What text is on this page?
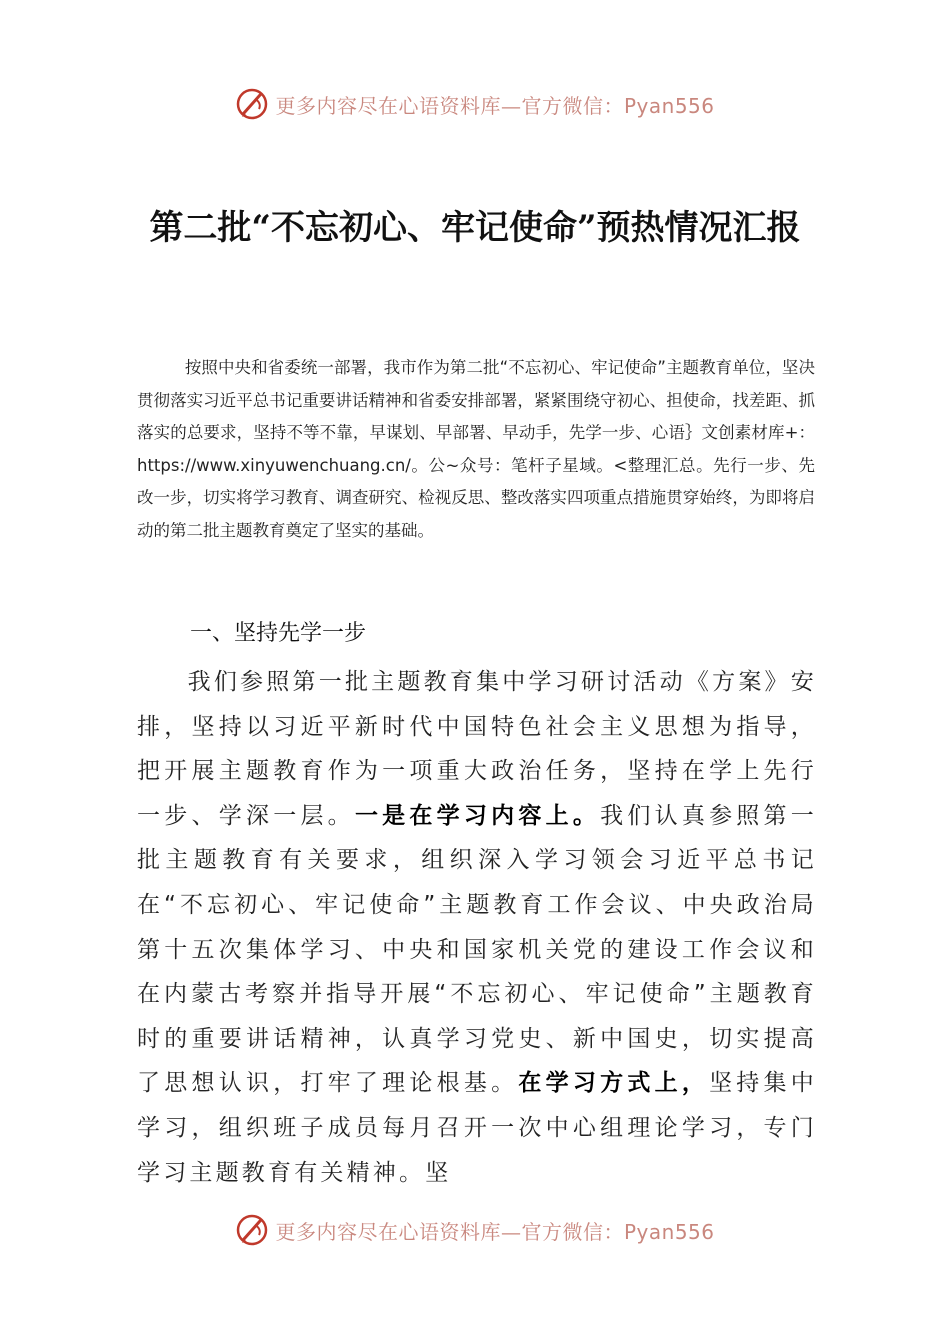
更多内容尽在心语资料库—官方微信：Pyan556
第二批“不忘初心、牢记使命”预热情况汇报
按照中央和省委统一部署，我市作为第二批“不忘初心、牢记使命”主题教育单位，坚决贯彻落实习近平总书记重要讲话精神和省委安排部署，紧紧围绕守初心、担使命，找差距、抓落实的总要求，坚持不等不靠，早谋划、早部署、早动手，先学一步、心语｝文创素材库+：https://www.xinyuwenchuang.cn/。公~众号：笔杆子星域。<整理汇总。先行一步、先改一步，切实将学习教育、调查研究、检视反思、整改落实四项重点措施贯穿始终，为即将启动的第二批主题教育奠定了坚实的基础。
一、坚持先学一步
我们参照第一批主题教育集中学习研讨活动《方案》安排，坚持以习近平新时代中国特色社会主义思想为指导，把开展主题教育作为一项重大政治任务，坚持在学上先行一步、学深一层。一是在学习内容上。我们认真参照第一批主题教育有关要求，组织深入学习领会习近平总书记在“不忘初心、牢记使命”主题教育工作会议、中央政治局第十五次集体学习、中央和国家机关党的建设工作会议和在内蒙古考察并指导开展“不忘初心、牢记使命”主题教育时的重要讲话精神，认真学习党史、新中国史，切实提高了思想认识，打牢了理论根基。在学习方式上，坚持集中学习，组织班子成员每月召开一次中心组理论学习，专门学习主题教育有关精神。坚
更多内容尽在心语资料库—官方微信：Pyan556
